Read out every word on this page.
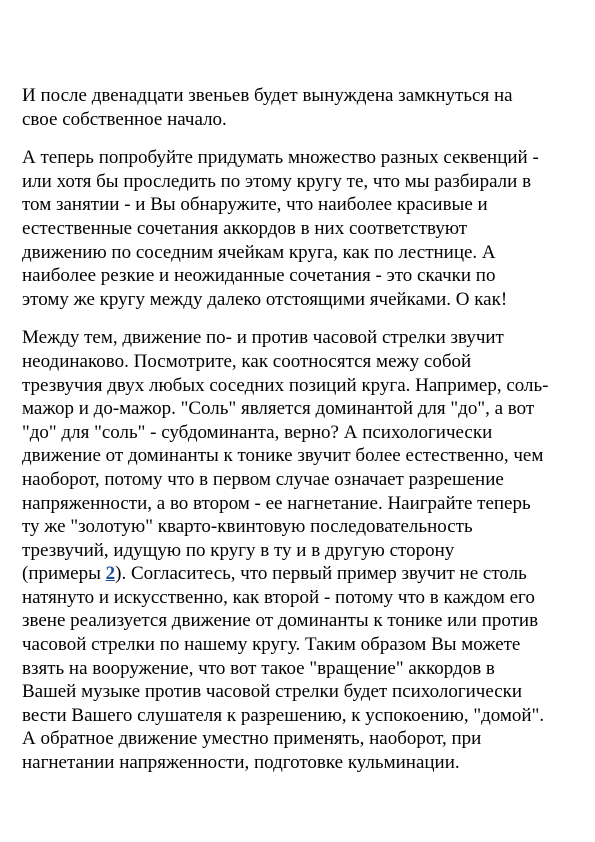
И после двенадцати звеньев будет вынуждена замкнуться на
свое собственное начало.

А теперь попробуйте придумать множество разных секвенций -
или хотя бы проследить по этому кругу те, что мы разбирали в
том занятии - и Вы обнаружите, что наиболее красивые и
естественные сочетания аккордов в них соответствуют
движению по соседним ячейкам круга, как по лестнице. А
наиболее резкие и неожиданные сочетания - это скачки по
этому же кругу между далеко отстоящими ячейками. О как!

Между тем, движение по- и против часовой стрелки звучит
неодинаково. Посмотрите, как соотносятся межу собой
трезвучия двух любых соседних позиций круга. Например, соль-
мажор и до-мажор. "Соль" является доминантой для "до", а вот
"до" для "соль" - субдоминанта, верно? А психологически
движение от доминанты к тонике звучит более естественно, чем
наоборот, потому что в первом случае означает разрешение
напряженности, а во втором - ее нагнетание. Наиграйте теперь
ту же "золотую" кварто-квинтовую последовательность
трезвучий, идущую по кругу в ту и в другую сторону
(примеры 2). Согласитесь, что первый пример звучит не столь
натянуто и искусственно, как второй - потому что в каждом его
звене реализуется движение от доминанты к тонике или против
часовой стрелки по нашему кругу. Таким образом Вы можете
взять на вооружение, что вот такое "вращение" аккордов в
Вашей музыке против часовой стрелки будет психологически
вести Вашего слушателя к разрешению, к успокоению, "домой".
А обратное движение уместно применять, наоборот, при
нагнетании напряженности, подготовке кульминации.
